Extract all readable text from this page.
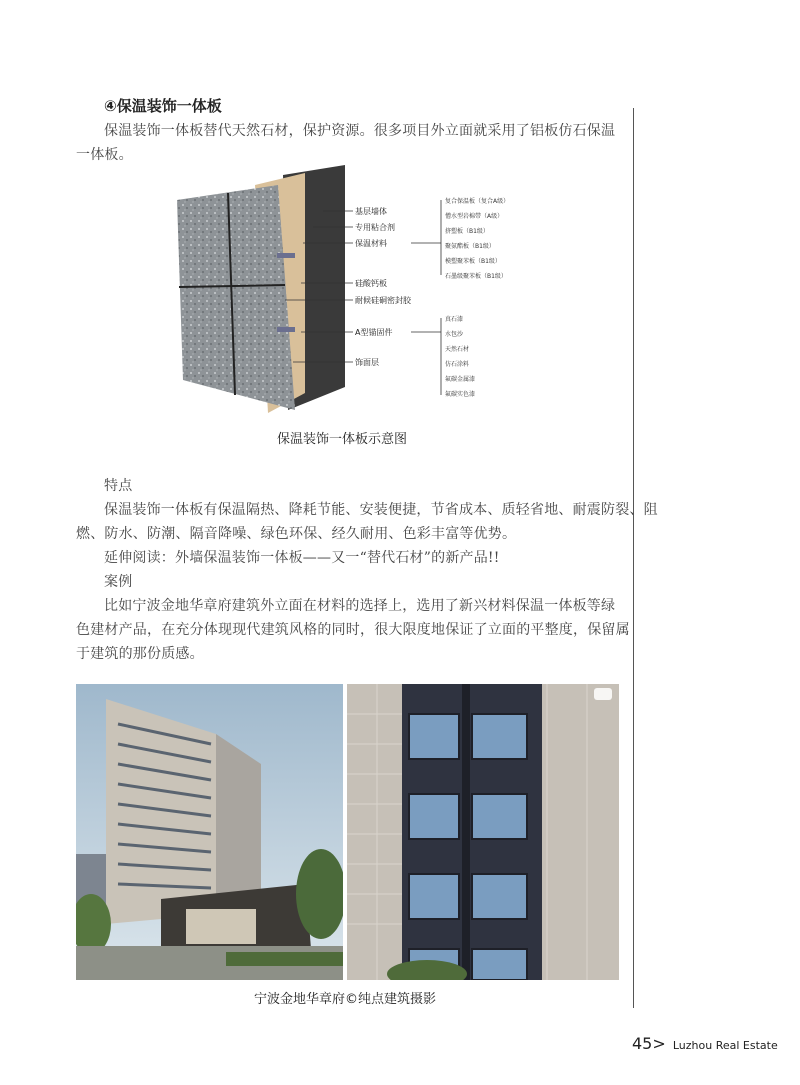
④保温装饰一体板
保温装饰一体板替代天然石材，保护资源。很多项目外立面就采用了铝板仿石保温
一体板。
基层墙体
专用粘合剂
保温材料
硅酸钙板
耐候硅硐密封胶
A型锚固件
饰面层
复合保温板（复合A级）
憎水型岩棉带（A级）
挤塑板（B1级）
聚氨酯板（B1级）
模塑聚苯板（B1级）
石墨级聚苯板（B1级）
真石漆
水包沙
天然石材
仿石涂料
氟碳金属漆
氟碳实色漆
保温装饰一体板示意图
特点
保温装饰一体板有保温隔热、降耗节能、安装便捷，节省成本、质轻省地、耐震防裂、阻
燃、防水、防潮、隔音降噪、绿色环保、经久耐用、色彩丰富等优势。
延伸阅读：外墙保温装饰一体板——又一“替代石材”的新产品!!
案例
比如宁波金地华章府建筑外立面在材料的选择上，选用了新兴材料保温一体板等绿
色建材产品，在充分体现现代建筑风格的同时，很大限度地保证了立面的平整度，保留属
于建筑的那份质感。
宁波金地华章府©纯点建筑摄影
45> Luzhou Real Estate
